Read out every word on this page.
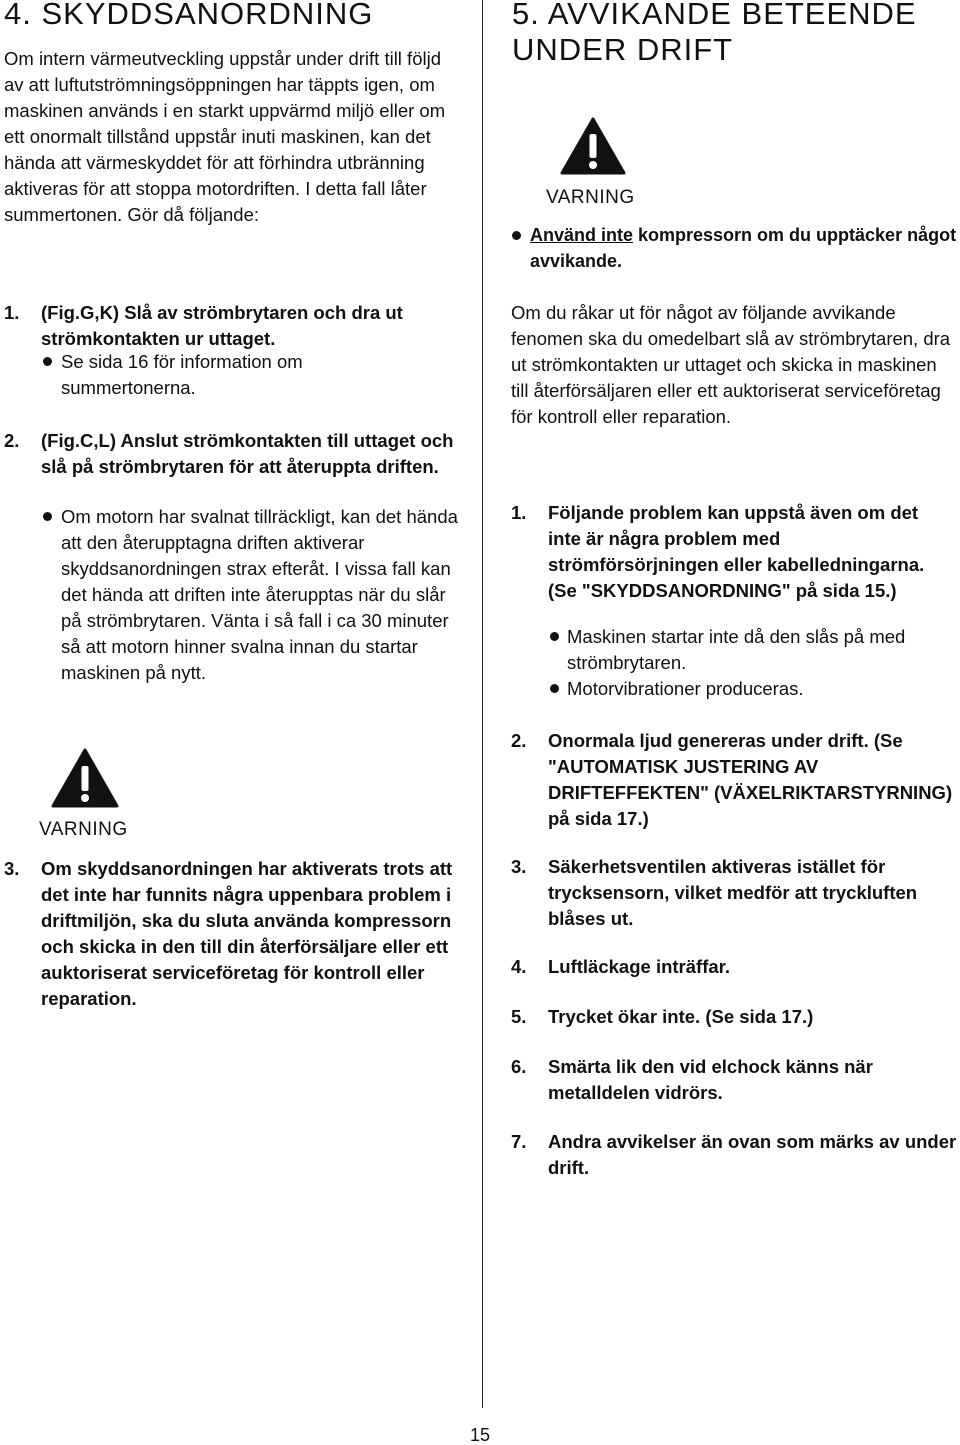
4. SKYDDSANORDNING

Om intern värmeutveckling uppstår under drift till följd av att luftutströmningsöppningen har täppts igen, om maskinen används i en starkt uppvärmd miljö eller om ett onormalt tillstånd uppstår inuti maskinen, kan det hända att värmeskyddet för att förhindra utbränning aktiveras för att stoppa motordriften. I detta fall låter summertonen. Gör då följande:

1. (Fig.G,K) Slå av strömbrytaren och dra ut strömkontakten ur uttaget.

Se sida 16 för information om summertonerna.

2. (Fig.C,L) Anslut strömkontakten till uttaget och slå på strömbrytaren för att återuppta driften.

Om motorn har svalnat tillräckligt, kan det hända att den återupptagna driften aktiverar skyddsanordningen strax efteråt. I vissa fall kan det hända att driften inte återupptas när du slår på strömbrytaren. Vänta i så fall i ca 30 minuter så att motorn hinner svalna innan du startar maskinen på nytt.

VARNING
3. Om skyddsanordningen har aktiverats trots att det inte har funnits några uppenbara problem i driftmiljön, ska du sluta använda kompressorn och skicka in den till din återförsäljare eller ett auktoriserat serviceföretag för kontroll eller reparation.

5. AVVIKANDE BETEENDE UNDER DRIFT
VARNING

Använd inte kompressorn om du upptäcker något avvikande.

Om du råkar ut för något av följande avvikande fenomen ska du omedelbart slå av strömbrytaren, dra ut strömkontakten ur uttaget och skicka in maskinen till återförsäljaren eller ett auktoriserat serviceföretag för kontroll eller reparation.

1. Följande problem kan uppstå även om det inte är några problem med strömförsörjningen eller kabelledningarna. (Se "SKYDDSANORDNING" på sida 15.)

Maskinen startar inte då den slås på med strömbrytaren.

Motorvibrationer produceras.

2. Onormala ljud genereras under drift. (Se "AUTOMATISK JUSTERING AV DRIFTEFFEKTEN" (VÄXELRIKTARSTYRNING) på sida 17.)

3. Säkerhetsventilen aktiveras istället för trycksensorn, vilket medför att tryckluften blåses ut.

4. Luftläckage inträffar.

5. Trycket ökar inte. (Se sida 17.)

6. Smärta lik den vid elchock känns när metalldelen vidrörs.

7. Andra avvikelser än ovan som märks av under drift.

15
